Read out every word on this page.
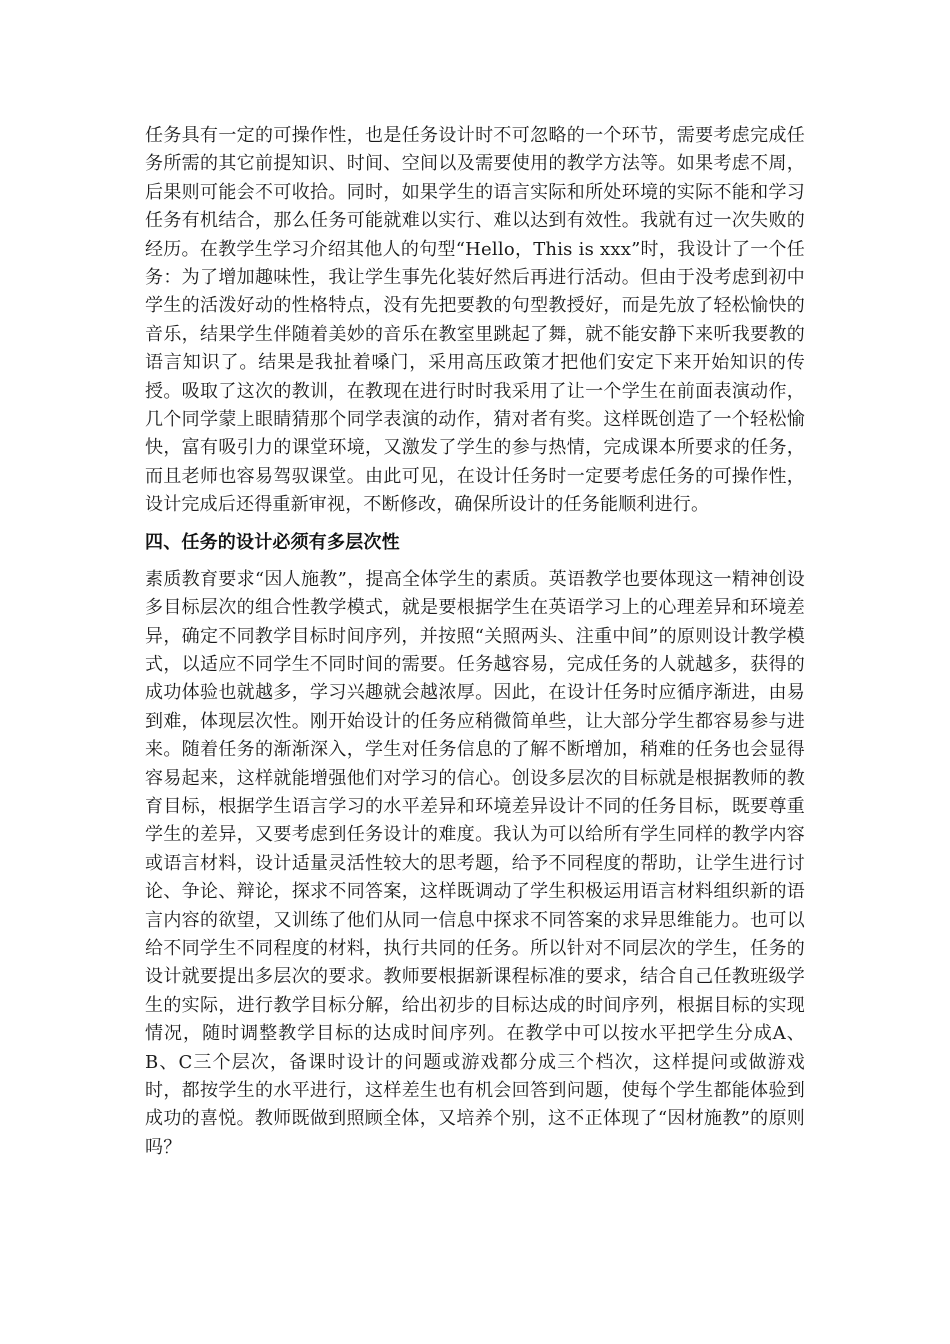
任务具有一定的可操作性，也是任务设计时不可忽略的一个环节，需要考虑完成任务所需的其它前提知识、时间、空间以及需要使用的教学方法等。如果考虑不周，后果则可能会不可收拾。同时，如果学生的语言实际和所处环境的实际不能和学习任务有机结合，那么任务可能就难以实行、难以达到有效性。我就有过一次失败的经历。在教学生学习介绍其他人的句型“Hello，This is xxx”时，我设计了一个任务：为了增加趣味性，我让学生事先化装好然后再进行活动。但由于没考虑到初中学生的活泼好动的性格特点，没有先把要教的句型教授好，而是先放了轻松愉快的音乐，结果学生伴随着美妙的音乐在教室里跳起了舞，就不能安静下来听我要教的语言知识了。结果是我扯着嗓门，采用高压政策才把他们安定下来开始知识的传授。吸取了这次的教训，在教现在进行时时我采用了让一个学生在前面表演动作，几个同学蒙上眼睛猜那个同学表演的动作，猜对者有奖。这样既创造了一个轻松愉快，富有吸引力的课堂环境，又激发了学生的参与热情，完成课本所要求的任务，而且老师也容易驾驭课堂。由此可见，在设计任务时一定要考虑任务的可操作性，设计完成后还得重新审视，不断修改，确保所设计的任务能顺利进行。

四、任务的设计必须有多层次性

素质教育要求“因人施教”，提高全体学生的素质。英语教学也要体现这一精神创设多目标层次的组合性教学模式，就是要根据学生在英语学习上的心理差异和环境差异，确定不同教学目标时间序列，并按照“关照两头、注重中间”的原则设计教学模式，以适应不同学生不同时间的需要。任务越容易，完成任务的人就越多，获得的成功体验也就越多，学习兴趣就会越浓厚。因此，在设计任务时应循序渐进，由易到难，体现层次性。刚开始设计的任务应稍微简单些，让大部分学生都容易参与进来。随着任务的渐渐深入，学生对任务信息的了解不断增加，稍难的任务也会显得容易起来，这样就能增强他们对学习的信心。创设多层次的目标就是根据教师的教育目标，根据学生语言学习的水平差异和环境差异设计不同的任务目标，既要尊重学生的差异，又要考虑到任务设计的难度。我认为可以给所有学生同样的教学内容或语言材料，设计适量灵活性较大的思考题，给予不同程度的帮助，让学生进行讨论、争论、辩论，探求不同答案，这样既调动了学生积极运用语言材料组织新的语言内容的欲望，又训练了他们从同一信息中探求不同答案的求异思维能力。也可以给不同学生不同程度的材料，执行共同的任务。所以针对不同层次的学生，任务的设计就要提出多层次的要求。教师要根据新课程标准的要求，结合自己任教班级学生的实际，进行教学目标分解，给出初步的目标达成的时间序列，根据目标的实现情况，随时调整教学目标的达成时间序列。在教学中可以按水平把学生分成A、B、C三个层次，备课时设计的问题或游戏都分成三个档次，这样提问或做游戏时，都按学生的水平进行，这样差生也有机会回答到问题，使每个学生都能体验到成功的喜悦。教师既做到照顾全体，又培养个别，这不正体现了“因材施教”的原则吗？
